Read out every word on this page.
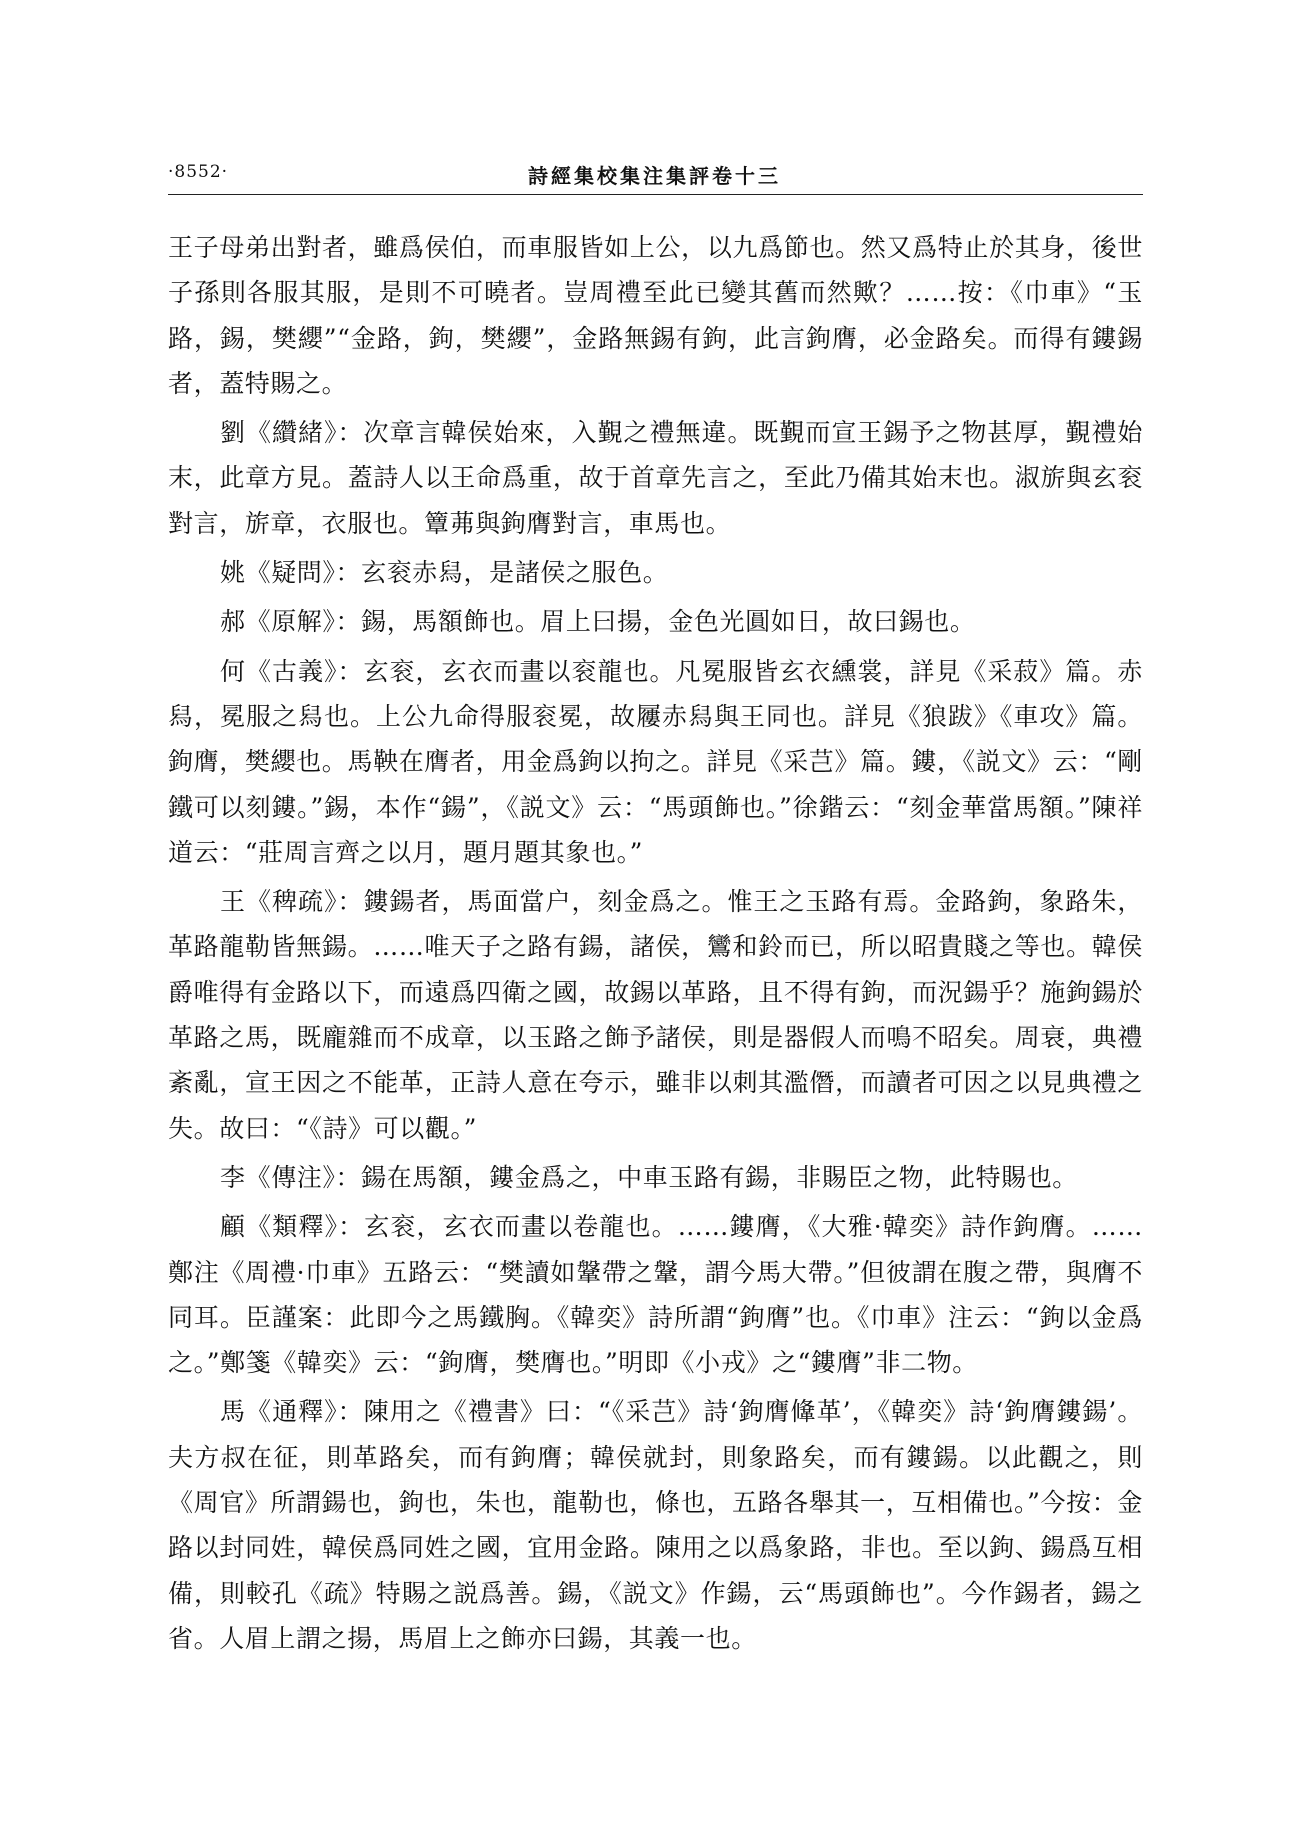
·8552·	詩經集校集注集評卷十三

王子母弟出對者，雖爲侯伯，而車服皆如上公，以九爲節也。然又爲特止於其身，後世子孫則各服其服，是則不可曉者。豈周禮至此已變其舊而然歟？……按：《巾車》“玉路，錫，樊纓”“金路，鉤，樊纓”，金路無錫有鉤，此言鉤膺，必金路矣。而得有鏤錫者，蓋特賜之。

劉《纘緒》：次章言韓侯始來，入覲之禮無違。既覲而宣王錫予之物甚厚，覲禮始末，此章方見。蓋詩人以王命爲重，故于首章先言之，至此乃備其始末也。淑旂與玄衮對言，旂章，衣服也。簟茀與鉤膺對言，車馬也。

姚《疑問》：玄衮赤舄，是諸侯之服色。

郝《原解》：錫，馬額飾也。眉上曰揚，金色光圓如日，故曰錫也。

何《古義》：玄衮，玄衣而畫以衮龍也。凡冕服皆玄衣纁裳，詳見《采菽》篇。赤舄，冕服之舄也。上公九命得服衮冕，故屨赤舄與王同也。詳見《狼跋》《車攻》篇。鉤膺，樊纓也。馬鞅在膺者，用金爲鉤以拘之。詳見《采芑》篇。鏤，《説文》云：“剛鐵可以刻鏤。”錫，本作“鍚”，《説文》云：“馬頭飾也。”徐鍇云：“刻金華當馬額。”陳祥道云：“莊周言齊之以月，題月題其象也。”

王《稗疏》：鏤鍚者，馬面當户，刻金爲之。惟王之玉路有焉。金路鉤，象路朱，革路龍勒皆無鍚。……唯天子之路有鍚，諸侯，鸞和鈴而已，所以昭貴賤之等也。韓侯爵唯得有金路以下，而遠爲四衛之國，故錫以革路，且不得有鉤，而況鍚乎？施鉤鍚於革路之馬，既龐雜而不成章，以玉路之飾予諸侯，則是器假人而鳴不昭矣。周衰，典禮紊亂，宣王因之不能革，正詩人意在夸示，雖非以刺其濫僭，而讀者可因之以見典禮之失。故曰：“《詩》可以觀。”

李《傳注》：鍚在馬額，鏤金爲之，中車玉路有鍚，非賜臣之物，此特賜也。

顧《類釋》：玄衮，玄衣而畫以卷龍也。……鏤膺，《大雅·韓奕》詩作鉤膺。……鄭注《周禮·巾車》五路云：“樊讀如鞶帶之鞶，謂今馬大帶。”但彼謂在腹之帶，與膺不同耳。臣謹案：此即今之馬鐵胸。《韓奕》詩所謂“鉤膺”也。《巾車》注云：“鉤以金爲之。”鄭箋《韓奕》云：“鉤膺，樊膺也。”明即《小戎》之“鏤膺”非二物。

馬《通釋》：陳用之《禮書》曰：“《采芑》詩‘鉤膺鞗革’，《韓奕》詩‘鉤膺鏤鍚’。夫方叔在征，則革路矣，而有鉤膺；韓侯就封，則象路矣，而有鏤鍚。以此觀之，則《周官》所謂鍚也，鉤也，朱也，龍勒也，條也，五路各舉其一，互相備也。”今按：金路以封同姓，韓侯爲同姓之國，宜用金路。陳用之以爲象路，非也。至以鉤、鍚爲互相備，則較孔《疏》特賜之説爲善。鍚，《説文》作鍚，云“馬頭飾也”。今作錫者，鍚之省。人眉上謂之揚，馬眉上之飾亦曰鍚，其義一也。
